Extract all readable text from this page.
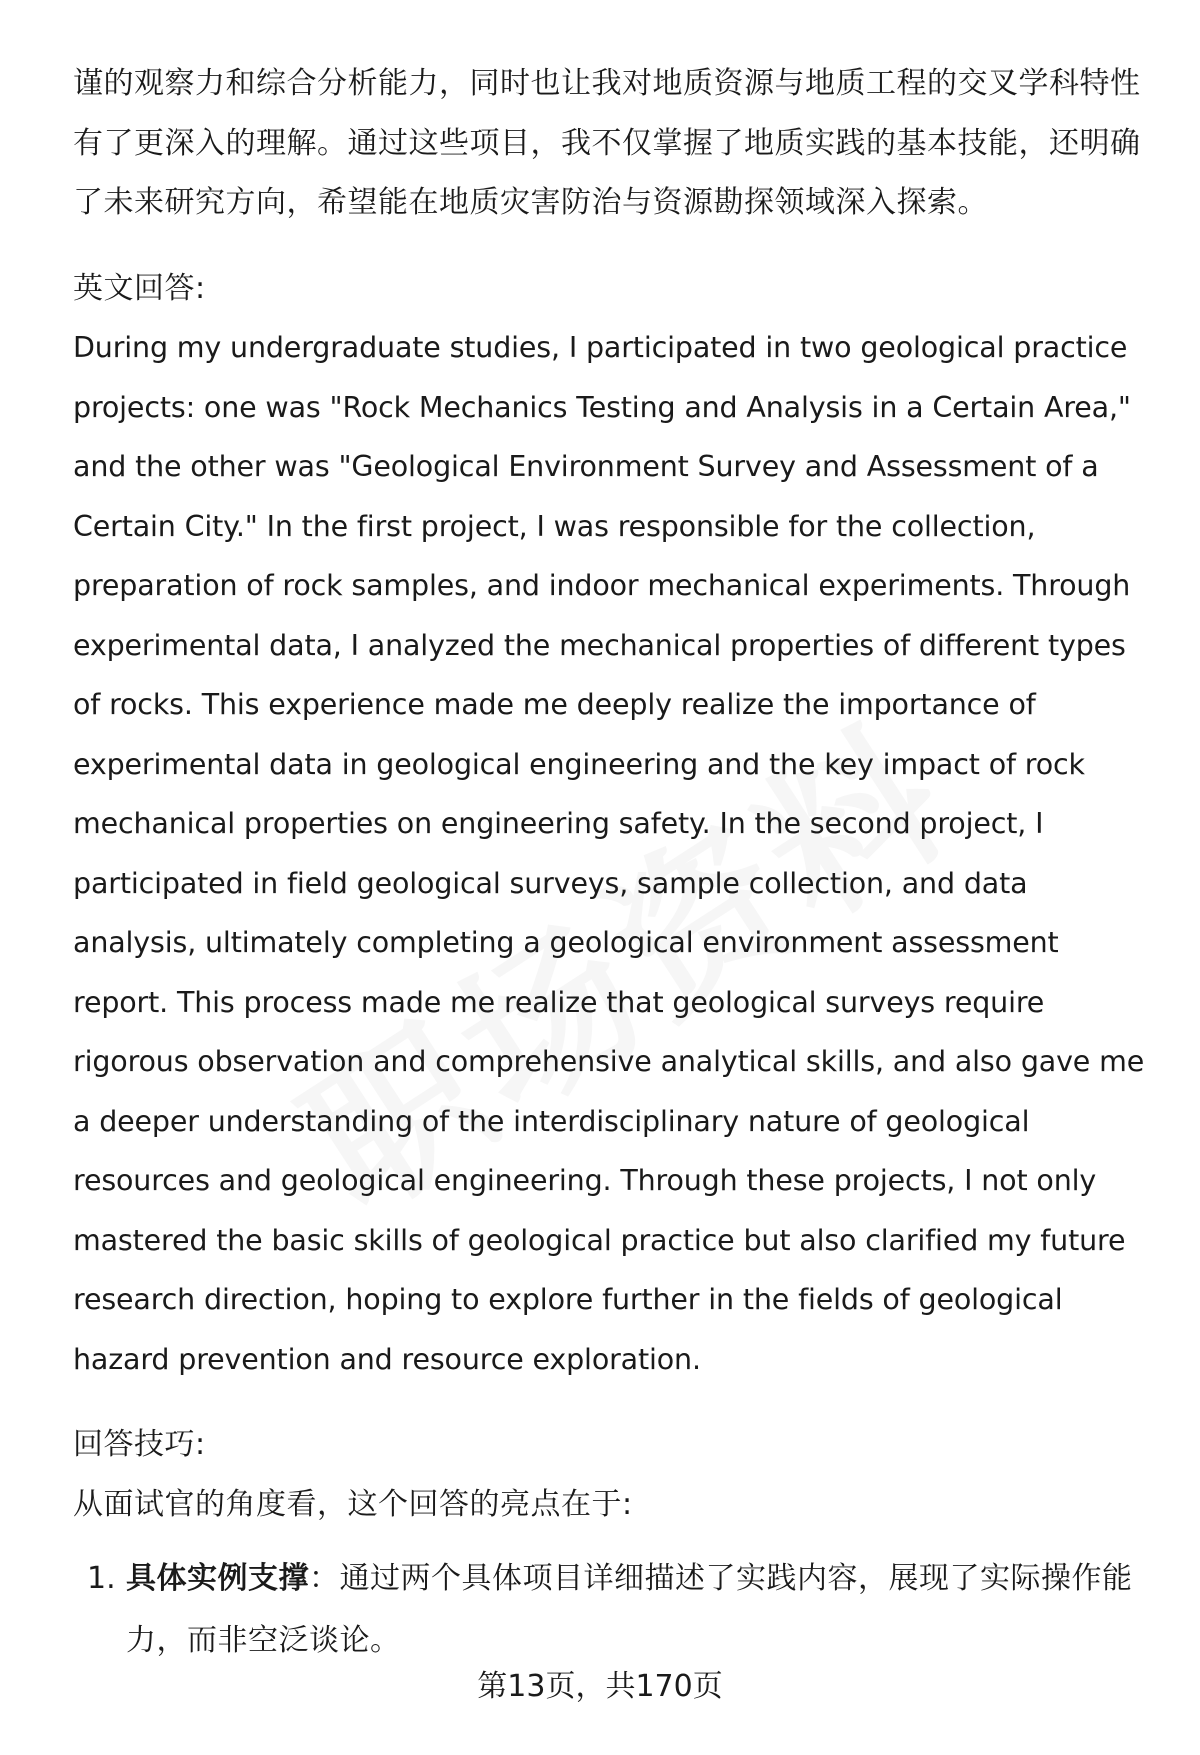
谨的观察力和综合分析能力，同时也让我对地质资源与地质工程的交叉学科特性有了更深入的理解。通过这些项目，我不仅掌握了地质实践的基本技能，还明确了未来研究方向，希望能在地质灾害防治与资源勘探领域深入探索。

英文回答:

During my undergraduate studies, I participated in two geological practice projects: one was "Rock Mechanics Testing and Analysis in a Certain Area," and the other was "Geological Environment Survey and Assessment of a Certain City." In the first project, I was responsible for the collection, preparation of rock samples, and indoor mechanical experiments. Through experimental data, I analyzed the mechanical properties of different types of rocks. This experience made me deeply realize the importance of experimental data in geological engineering and the key impact of rock mechanical properties on engineering safety. In the second project, I participated in field geological surveys, sample collection, and data analysis, ultimately completing a geological environment assessment report. This process made me realize that geological surveys require rigorous observation and comprehensive analytical skills, and also gave me a deeper understanding of the interdisciplinary nature of geological resources and geological engineering. Through these projects, I not only mastered the basic skills of geological practice but also clarified my future research direction, hoping to explore further in the fields of geological hazard prevention and resource exploration.

回答技巧:

从面试官的角度看，这个回答的亮点在于:

1. 具体实例支撑：通过两个具体项目详细描述了实践内容，展现了实际操作能力，而非空泛谈论。
第13页，共170页
